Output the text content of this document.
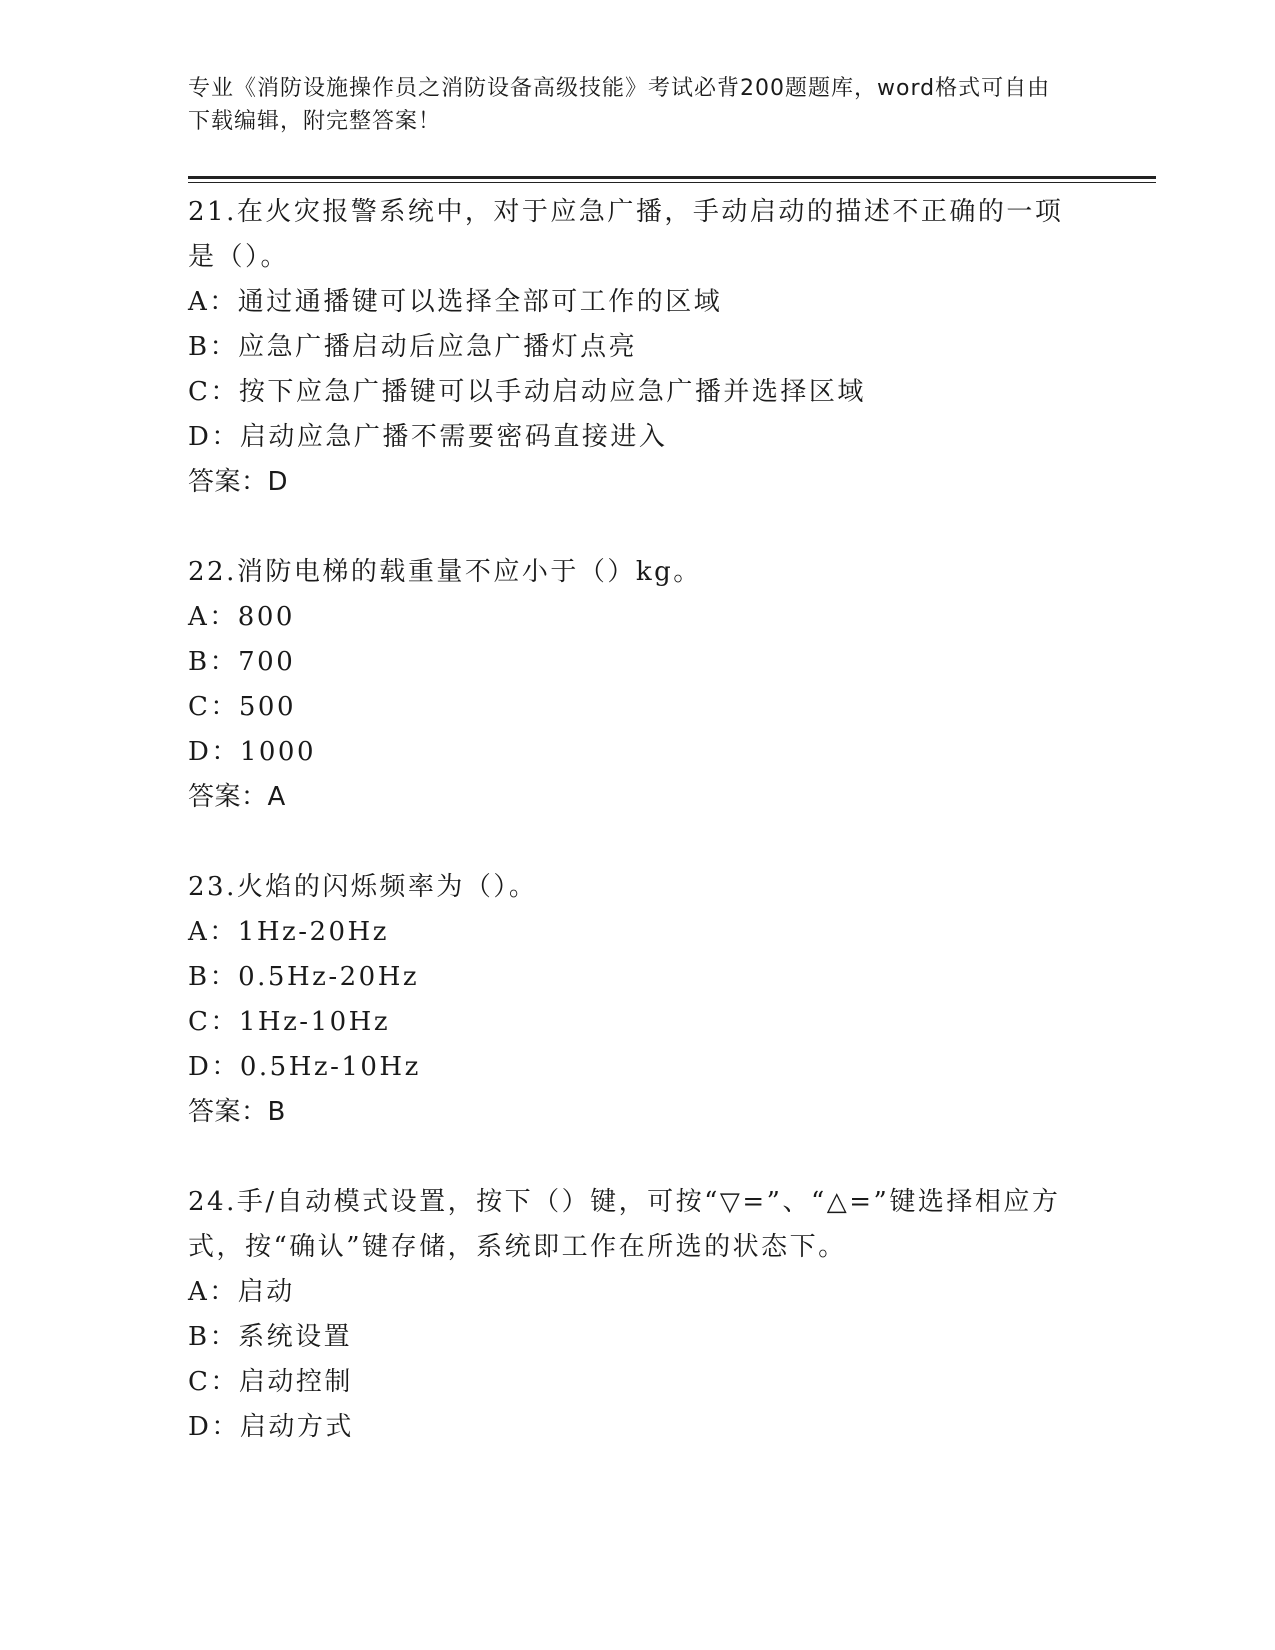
专业《消防设施操作员之消防设备高级技能》考试必背200题题库，word格式可自由下载编辑，附完整答案！

21.在火灾报警系统中，对于应急广播，手动启动的描述不正确的一项是（）。

A：通过通播键可以选择全部可工作的区域
B：应急广播启动后应急广播灯点亮
C：按下应急广播键可以手动启动应急广播并选择区域
D：启动应急广播不需要密码直接进入
答案：D

22.消防电梯的载重量不应小于（）kg。

A：800
B：700
C：500
D：1000
答案：A

23.火焰的闪烁频率为（）。

A：1Hz-20Hz
B：0.5Hz-20Hz
C：1Hz-10Hz
D：0.5Hz-10Hz
答案：B

24.手/自动模式设置，按下（）键，可按“▽=”、“△=”键选择相应方式，按“确认”键存储，系统即工作在所选的状态下。

A：启动
B：系统设置
C：启动控制
D：启动方式
